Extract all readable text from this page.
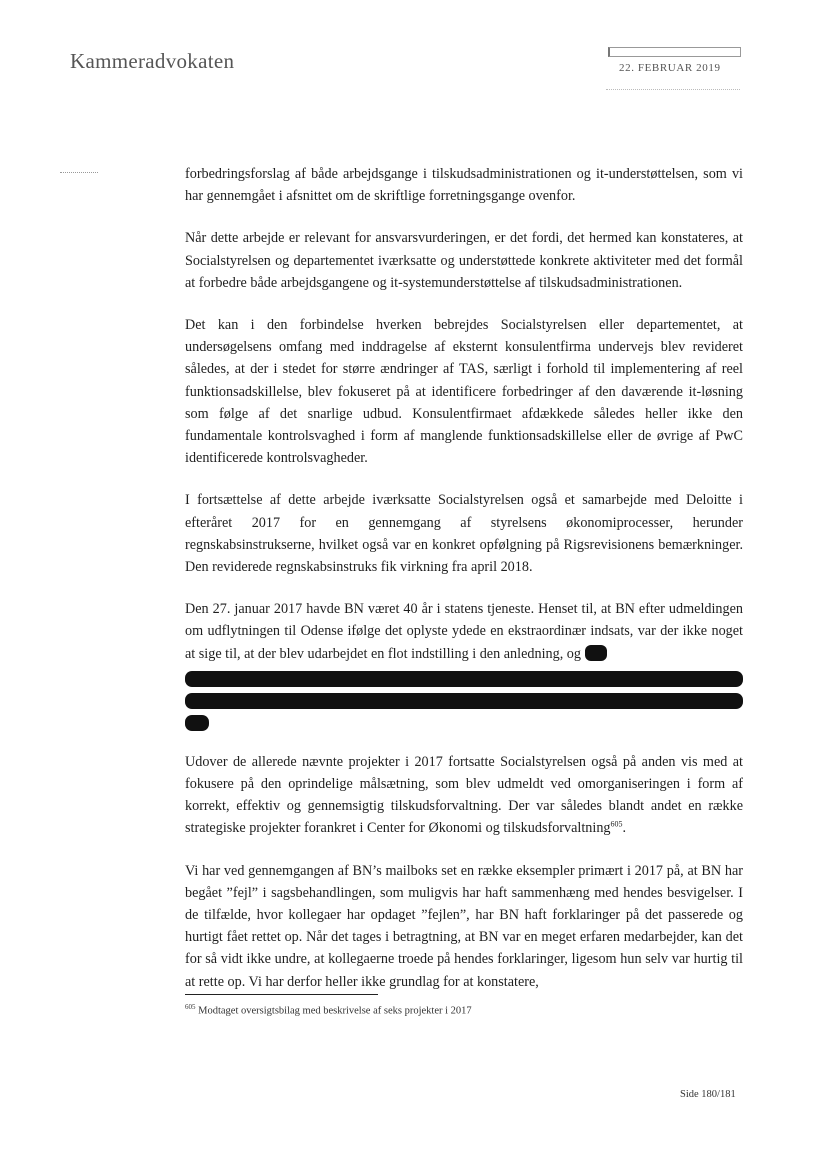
Kammeradvokaten	22. FEBRUAR 2019

forbedringsforslag af både arbejdsgange i tilskudsadministrationen og it-understøttelsen, som vi har gennemgået i afsnittet om de skriftlige forretningsgange ovenfor.

Når dette arbejde er relevant for ansvarsvurderingen, er det fordi, det hermed kan konstateres, at Socialstyrelsen og departementet iværksatte og understøttede konkrete aktiviteter med det formål at forbedre både arbejdsgangene og it-systemunderstøttelse af tilskudsadministrationen.

Det kan i den forbindelse hverken bebrejdes Socialstyrelsen eller departementet, at undersøgelsens omfang med inddragelse af eksternt konsulentfirma undervejs blev revideret således, at der i stedet for større ændringer af TAS, særligt i forhold til implementering af reel funktionsadskillelse, blev fokuseret på at identificere forbedringer af den daværende it-løsning som følge af det snarlige udbud. Konsulentfirmaet afdækkede således heller ikke den fundamentale kontrolsvaghed i form af manglende funktionsadskillelse eller de øvrige af PwC identificerede kontrolsvagheder.

I fortsættelse af dette arbejde iværksatte Socialstyrelsen også et samarbejde med Deloitte i efteråret 2017 for en gennemgang af styrelsens økonomiprocesser, herunder regnskabsinstrukserne, hvilket også var en konkret opfølgning på Rigsrevisionens bemærkninger. Den reviderede regnskabsinstruks fik virkning fra april 2018.

Den 27. januar 2017 havde BN været 40 år i statens tjeneste. Henset til, at BN efter udmeldingen om udflytningen til Odense ifølge det oplyste ydede en ekstraordinær indsats, var der ikke noget at sige til, at der blev udarbejdet en flot indstilling i den anledning, og

Udover de allerede nævnte projekter i 2017 fortsatte Socialstyrelsen også på anden vis med at fokusere på den oprindelige målsætning, som blev udmeldt ved omorganiseringen i form af korrekt, effektiv og gennemsigtig tilskudsforvaltning. Der var således blandt andet en række strategiske projekter forankret i Center for Økonomi og tilskudsforvaltning$^{605}$.

Vi har ved gennemgangen af BN’s mailboks set en række eksempler primært i 2017 på, at BN har begået ”fejl” i sagsbehandlingen, som muligvis har haft sammenhæng med hendes besvigelser. I de tilfælde, hvor kollegaer har opdaget ”fejlen”, har BN haft forklaringer på det passerede og hurtigt fået rettet op. Når det tages i betragtning, at BN var en meget erfaren medarbejder, kan det for så vidt ikke undre, at kollegaerne troede på hendes forklaringer, ligesom hun selv var hurtig til at rette op. Vi har derfor heller ikke grundlag for at konstatere,

$^{605}$ Modtaget oversigtsbilag med beskrivelse af seks projekter i 2017
Side 180/181
